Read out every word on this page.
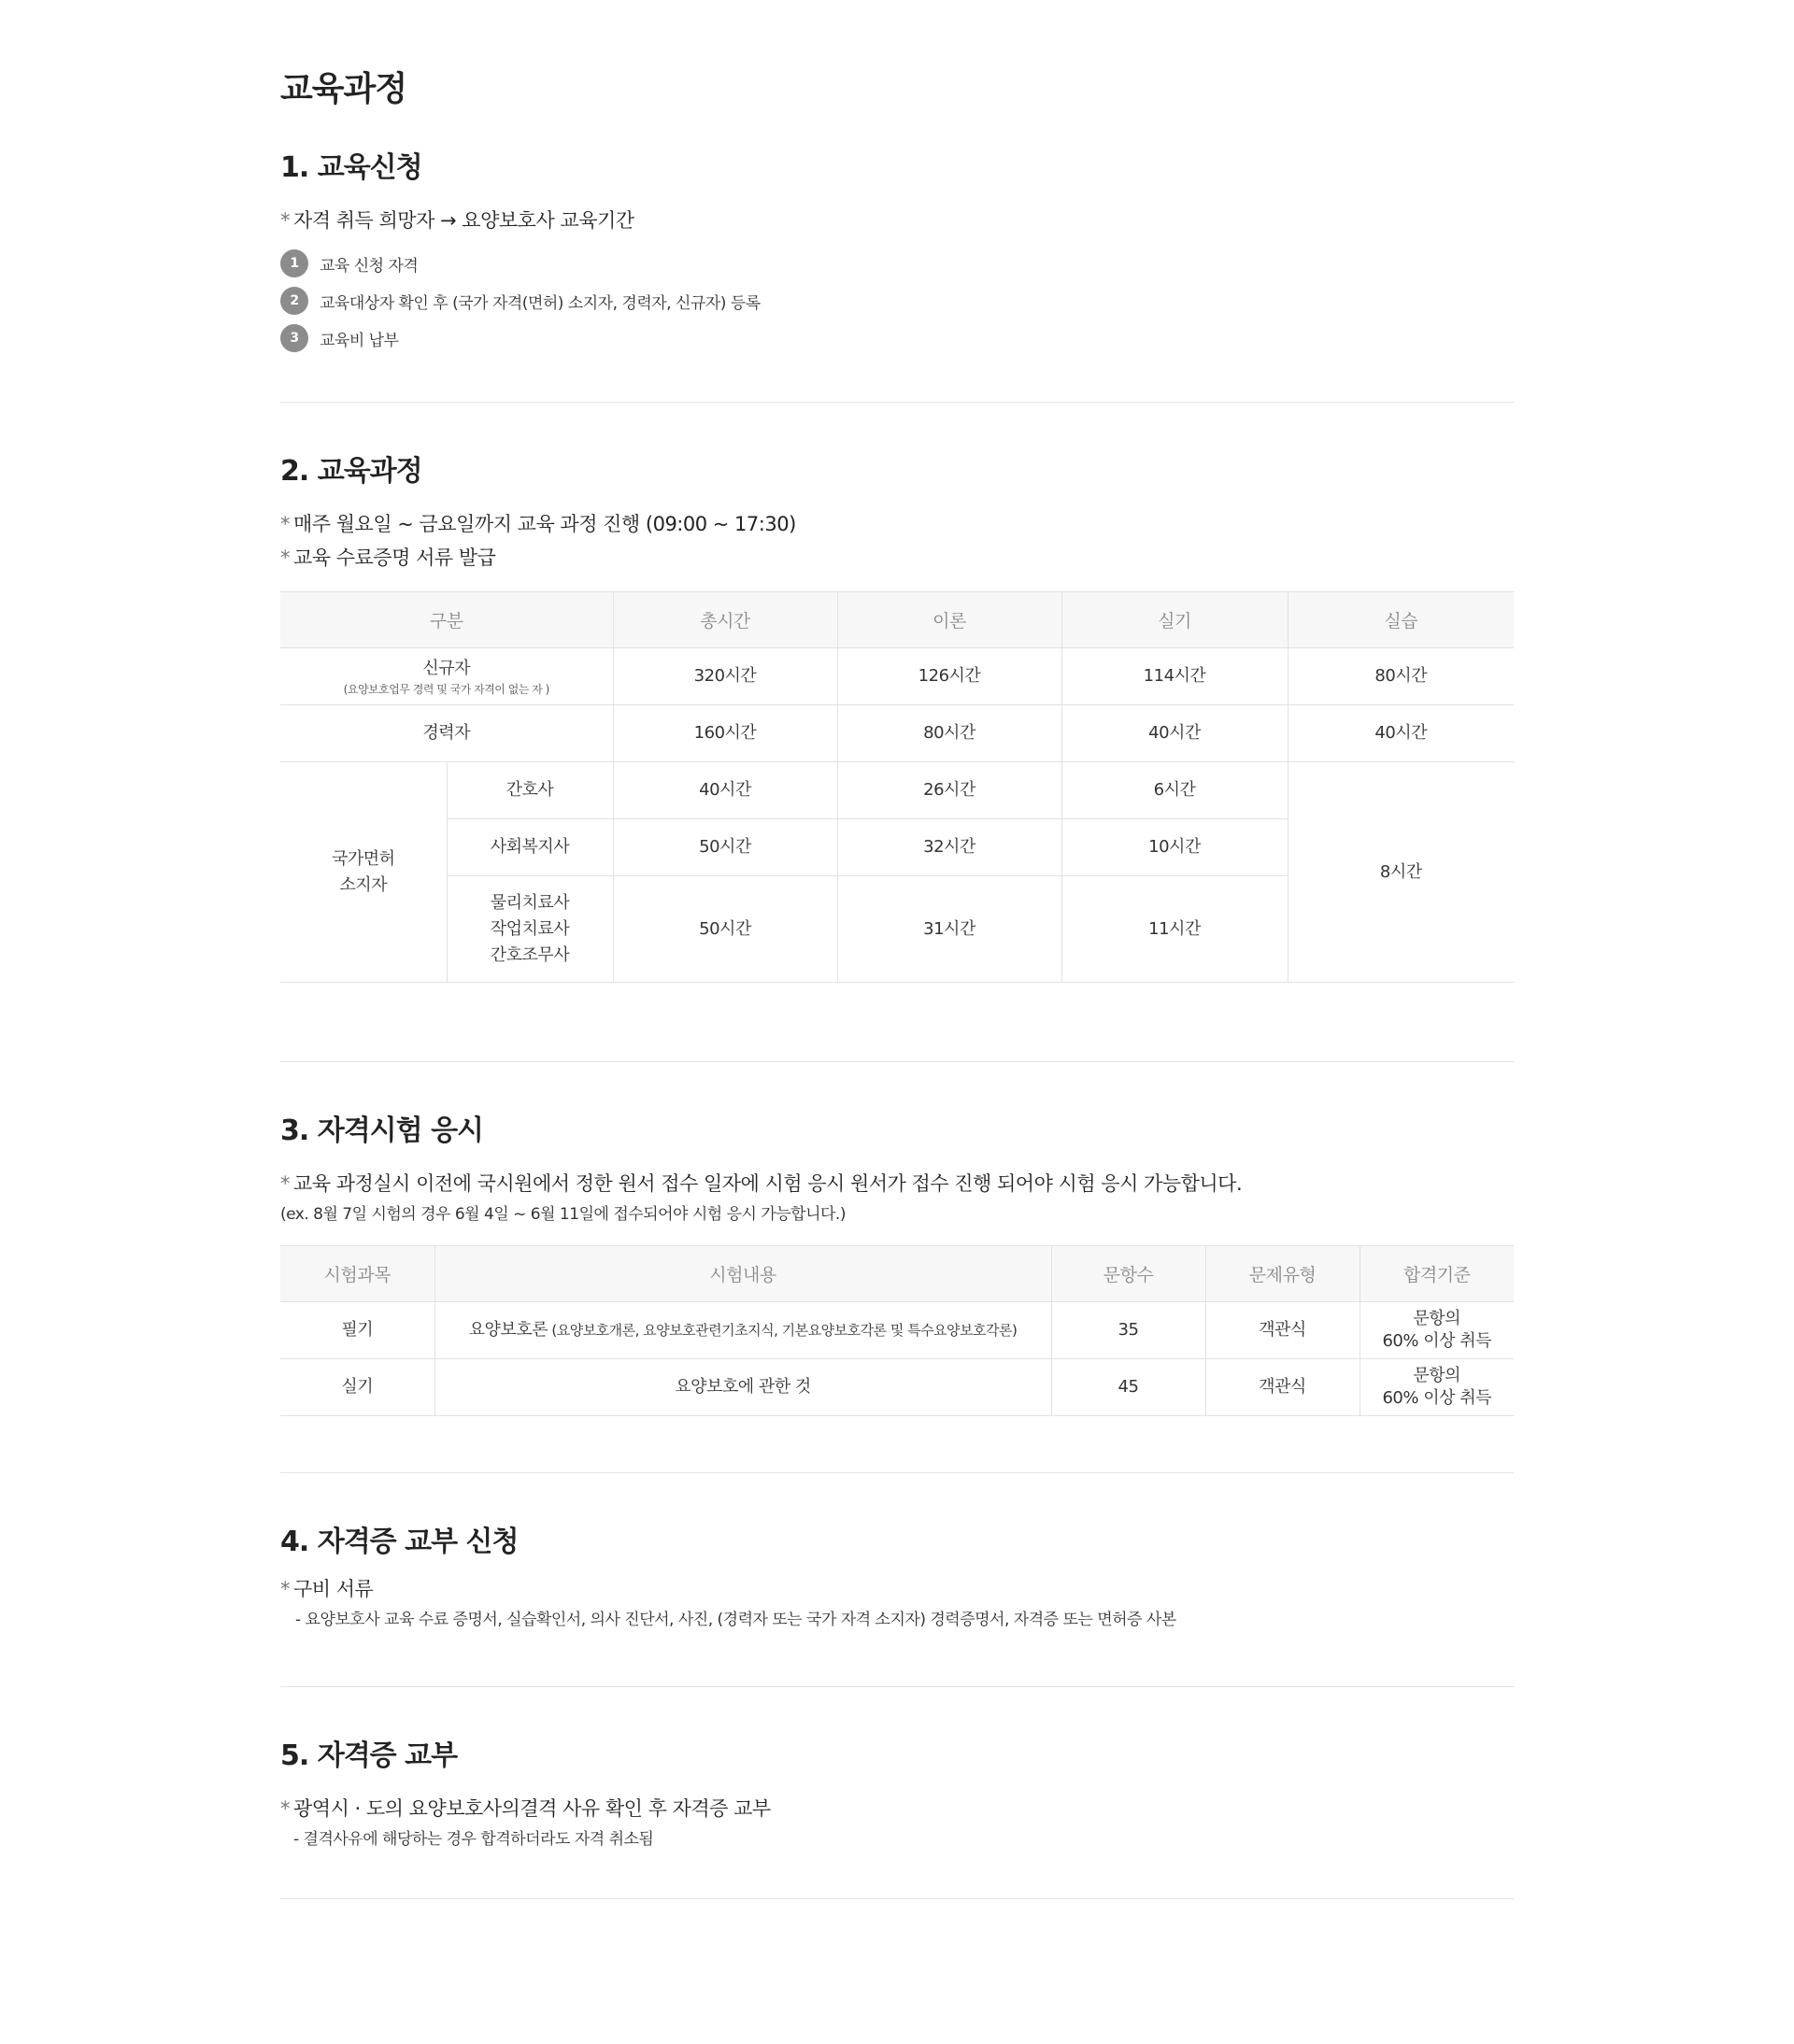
교육과정
1. 교육신청

* 자격 취득 희망자 → 요양보호사 교육기간

1	교육 신청 자격
2	교육대상자 확인 후 (국가 자격(면허) 소지자, 경력자, 신규자) 등록
3	교육비 납부
2. 교육과정

* 매주 월요일 ~ 금요일까지 교육 과정 진행 (09:00 ~ 17:30)

* 교육 수료증명 서류 발급

구분		총시간	이론	실기	실습
신규자
(요양보호업무 경력 및 국가 자격이 없는 자 )		320시간	126시간	114시간	80시간
경력자		160시간	80시간	40시간	40시간
국가면허
소지자	간호사	40시간	26시간	6시간	8시간
	사회복지사	50시간	32시간	10시간	
	물리치료사
작업치료사
간호조무사	50시간	31시간	11시간	
3. 자격시험 응시

* 교육 과정실시 이전에 국시원에서 정한 원서 접수 일자에 시험 응시 원서가 접수 진행 되어야 시험 응시 가능합니다.

(ex. 8월 7일 시험의 경우 6월 4일 ~ 6월 11일에 접수되어야 시험 응시 가능합니다.)

시험과목	시험내용	문항수	문제유형	합격기준
필기	요양보호론 (요양보호개론, 요양보호관련기초지식, 기본요양보호각론 및 특수요양보호각론)	35	객관식	문항의
60% 이상 취득
실기	요양보호에 관한 것	45	객관식	문항의
60% 이상 취득
4. 자격증 교부 신청

* 구비 서류

- 요양보호사 교육 수료 증명서, 실습확인서, 의사 진단서, 사진, (경력자 또는 국가 자격 소지자) 경력증명서, 자격증 또는 면허증 사본

5. 자격증 교부

* 광역시 · 도의 요양보호사의결격 사유 확인 후 자격증 교부

- 결격사유에 해당하는 경우 합격하더라도 자격 취소됨
